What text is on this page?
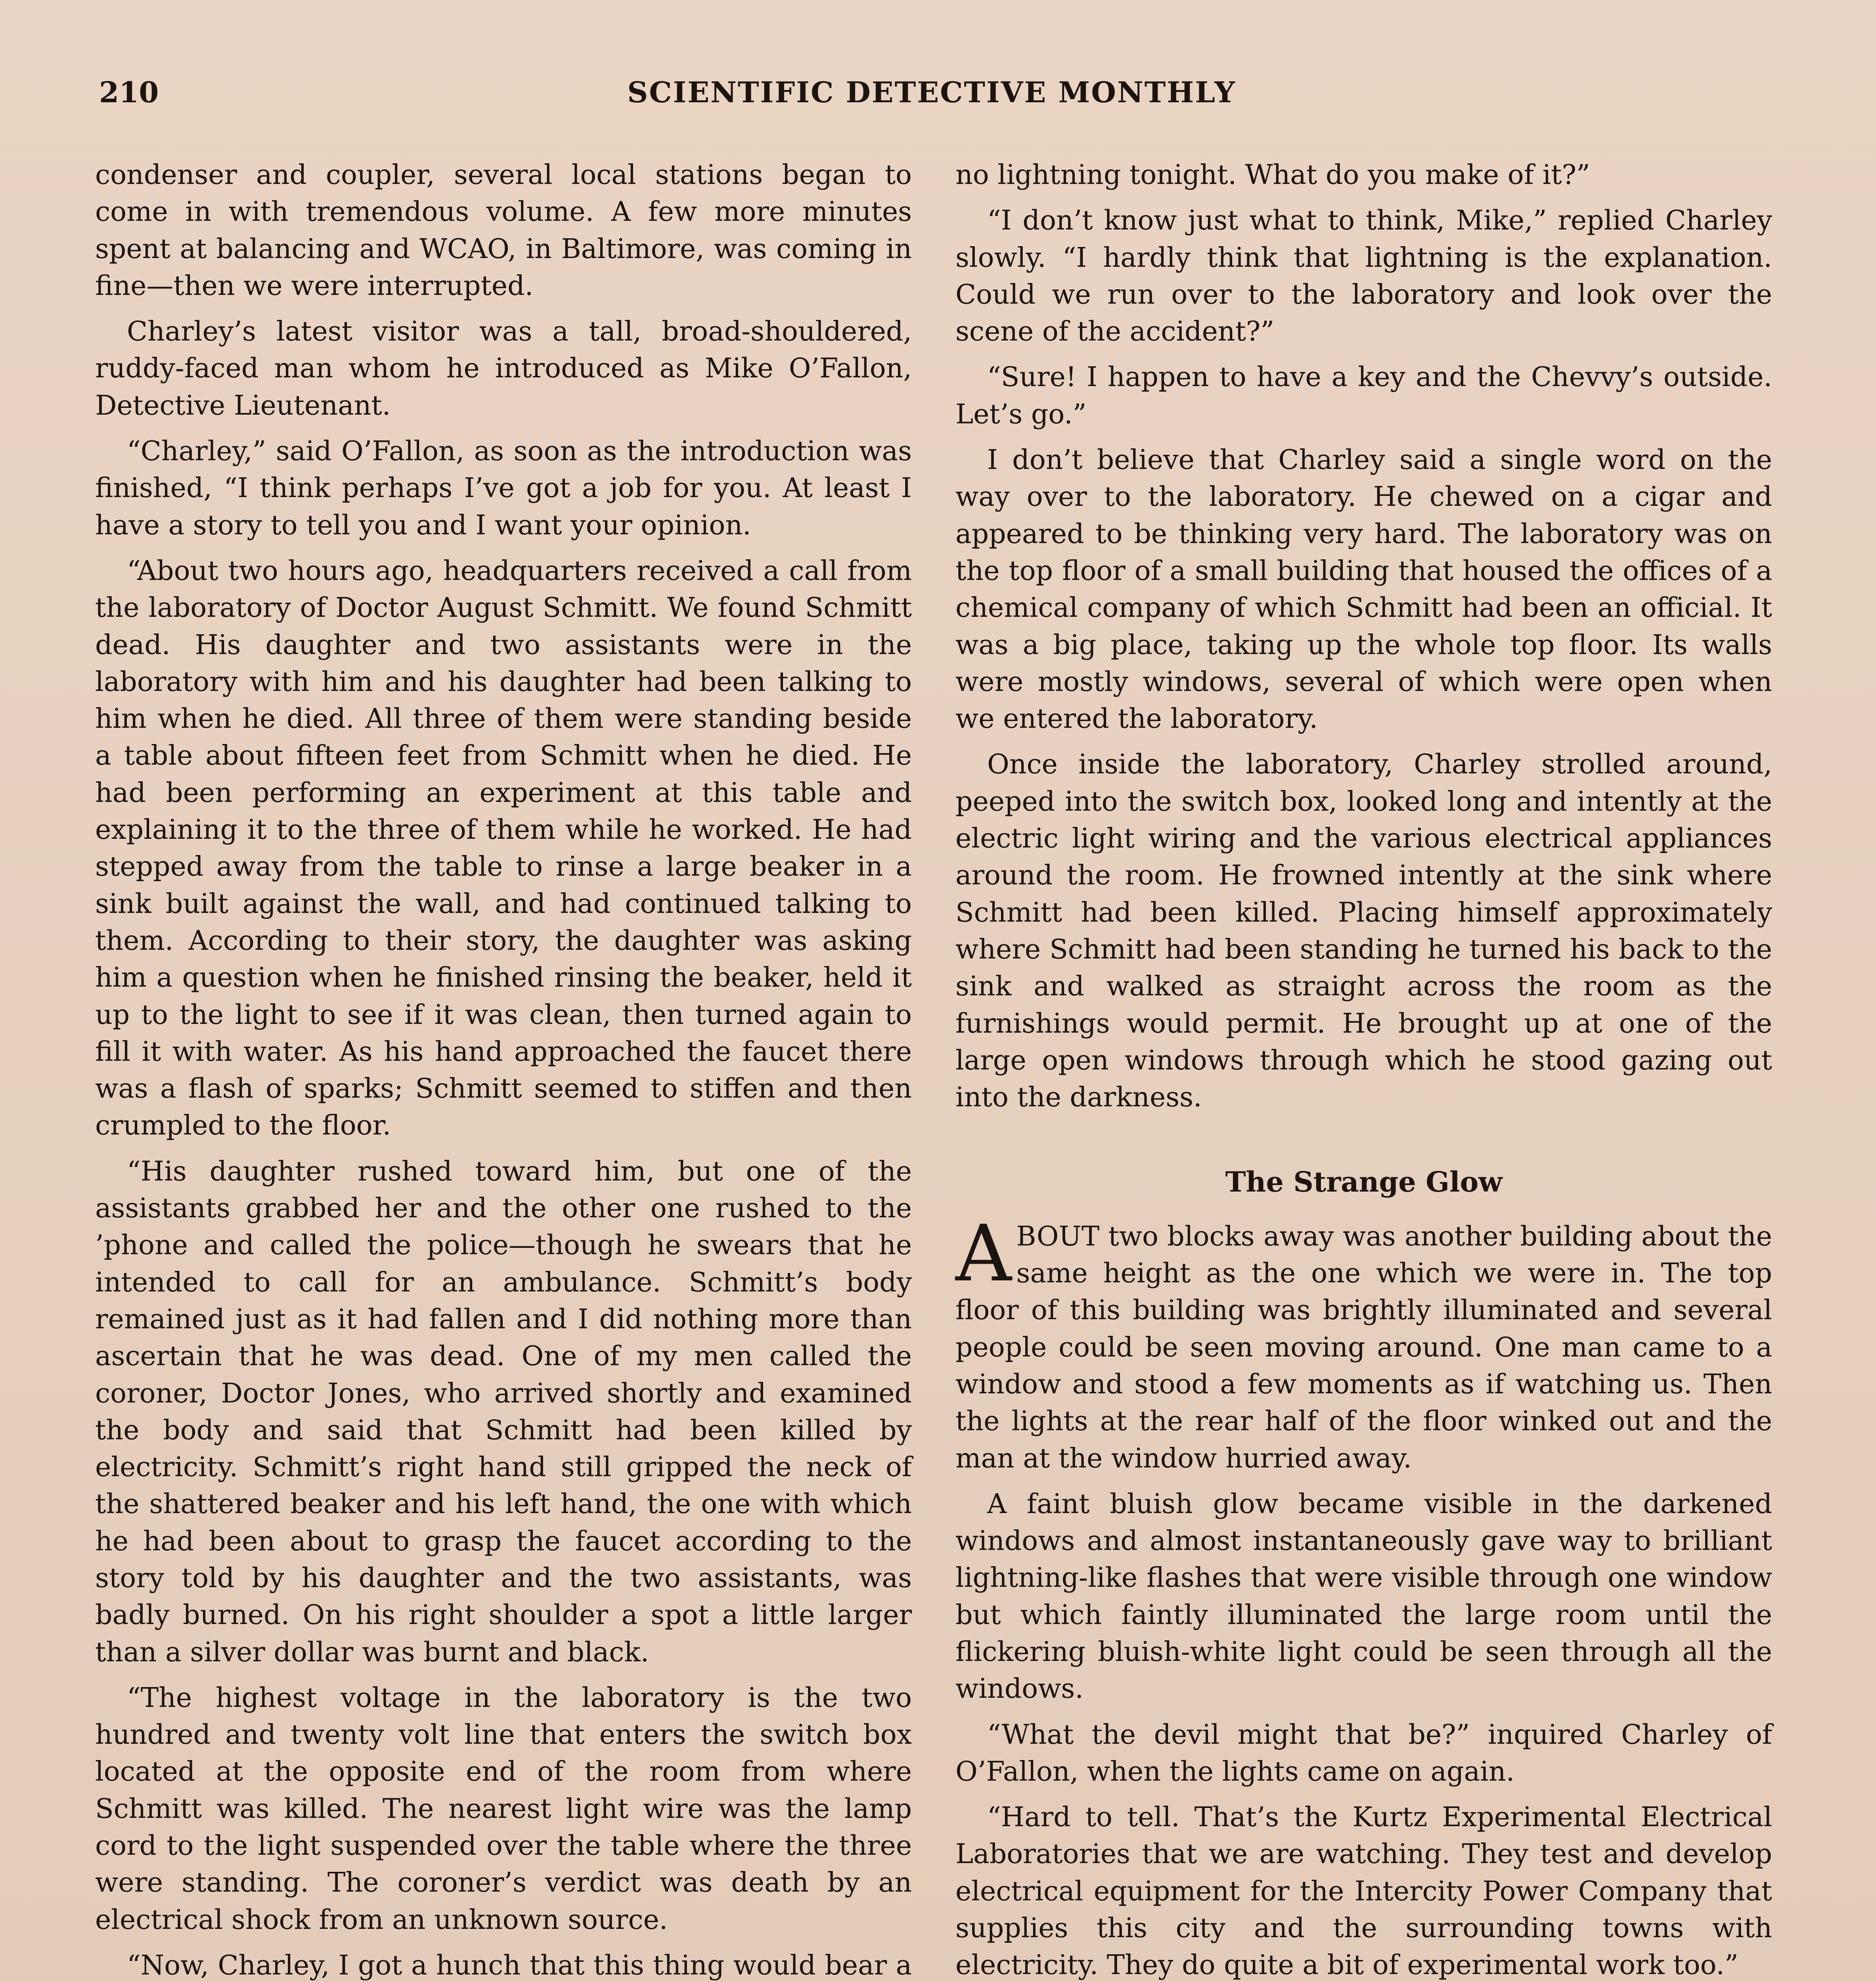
210	SCIENTIFIC DETECTIVE MONTHLY

condenser and coupler, several local stations began to come in with tremendous volume. A few more minutes spent at balancing and WCAO, in Baltimore, was coming in fine—then we were interrupted.

Charley’s latest visitor was a tall, broad-shouldered, ruddy-faced man whom he introduced as Mike O’Fallon, Detective Lieutenant.

“Charley,” said O’Fallon, as soon as the introduction was finished, “I think perhaps I’ve got a job for you. At least I have a story to tell you and I want your opinion.

“About two hours ago, headquarters received a call from the laboratory of Doctor August Schmitt. We found Schmitt dead. His daughter and two assistants were in the laboratory with him and his daughter had been talking to him when he died. All three of them were standing beside a table about fifteen feet from Schmitt when he died. He had been performing an experiment at this table and explaining it to the three of them while he worked. He had stepped away from the table to rinse a large beaker in a sink built against the wall, and had continued talking to them. According to their story, the daughter was asking him a question when he finished rinsing the beaker, held it up to the light to see if it was clean, then turned again to fill it with water. As his hand approached the faucet there was a flash of sparks; Schmitt seemed to stiffen and then crumpled to the floor.

“His daughter rushed toward him, but one of the assistants grabbed her and the other one rushed to the ’phone and called the police—though he swears that he intended to call for an ambulance. Schmitt’s body remained just as it had fallen and I did nothing more than ascertain that he was dead. One of my men called the coroner, Doctor Jones, who arrived shortly and examined the body and said that Schmitt had been killed by electricity. Schmitt’s right hand still gripped the neck of the shattered beaker and his left hand, the one with which he had been about to grasp the faucet according to the story told by his daughter and the two assistants, was badly burned. On his right shoulder a spot a little larger than a silver dollar was burnt and black.

“The highest voltage in the laboratory is the two hundred and twenty volt line that enters the switch box located at the opposite end of the room from where Schmitt was killed. The nearest light wire was the lamp cord to the light suspended over the table where the three were standing. The coroner’s verdict was death by an electrical shock from an unknown source.

“Now, Charley, I got a hunch that this thing would bear a

no lightning tonight. What do you make of it?”

“I don’t know just what to think, Mike,” replied Charley slowly. “I hardly think that lightning is the explanation. Could we run over to the laboratory and look over the scene of the accident?”

“Sure! I happen to have a key and the Chevvy’s outside. Let’s go.”

I don’t believe that Charley said a single word on the way over to the laboratory. He chewed on a cigar and appeared to be thinking very hard. The laboratory was on the top floor of a small building that housed the offices of a chemical company of which Schmitt had been an official. It was a big place, taking up the whole top floor. Its walls were mostly windows, several of which were open when we entered the laboratory.

Once inside the laboratory, Charley strolled around, peeped into the switch box, looked long and intently at the electric light wiring and the various electrical appliances around the room. He frowned intently at the sink where Schmitt had been killed. Placing himself approximately where Schmitt had been standing he turned his back to the sink and walked as straight across the room as the furnishings would permit. He brought up at one of the large open windows through which he stood gazing out into the darkness.

The Strange Glow

ABOUT two blocks away was another building about the same height as the one which we were in. The top floor of this building was brightly illuminated and several people could be seen moving around. One man came to a window and stood a few moments as if watching us. Then the lights at the rear half of the floor winked out and the man at the window hurried away.

A faint bluish glow became visible in the darkened windows and almost instantaneously gave way to brilliant lightning-like flashes that were visible through one window but which faintly illuminated the large room until the flickering bluish-white light could be seen through all the windows.

“What the devil might that be?” inquired Charley of O’Fallon, when the lights came on again.

“Hard to tell. That’s the Kurtz Experimental Electrical Laboratories that we are watching. They test and develop electrical equipment for the Intercity Power Company that supplies this city and the surrounding towns with electricity. They do quite a bit of experimental work too.”
